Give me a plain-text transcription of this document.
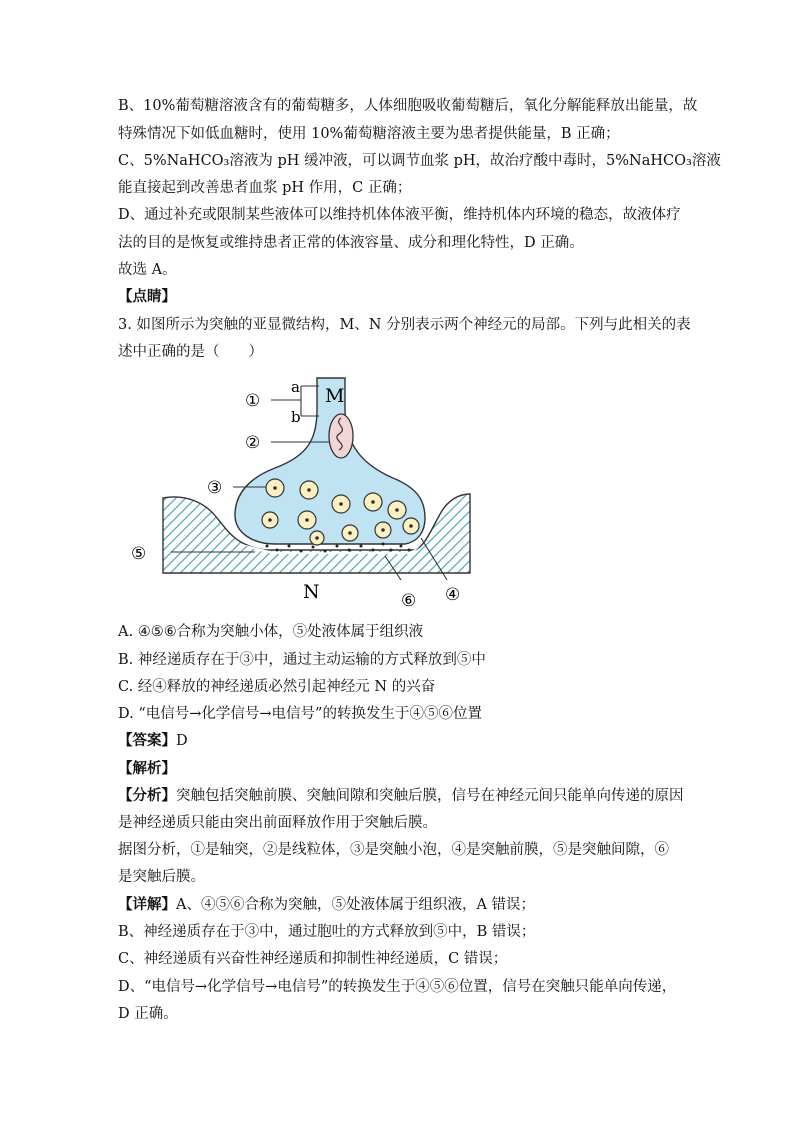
B、10%葡萄糖溶液含有的葡萄糖多，人体细胞吸收葡萄糖后，氧化分解能释放出能量，故
特殊情况下如低血糖时，使用 10%葡萄糖溶液主要为患者提供能量，B 正确；
C、5%NaHCO₃溶液为 pH 缓冲液，可以调节血浆 pH，故治疗酸中毒时，5%NaHCO₃溶液
能直接起到改善患者血浆 pH 作用，C 正确；
D、通过补充或限制某些液体可以维持机体体液平衡，维持机体内环境的稳态，故液体疗
法的目的是恢复或维持患者正常的体液容量、成分和理化特性，D 正确。
故选 A。
【点睛】
3. 如图所示为突触的亚显微结构，M、N 分别表示两个神经元的局部。下列与此相关的表
述中正确的是（　　）
①
a
b
M
②
③
⑤
N	⑥ ④
A. ④⑤⑥合称为突触小体，⑤处液体属于组织液
B. 神经递质存在于③中，通过主动运输的方式释放到⑤中
C. 经④释放的神经递质必然引起神经元 N 的兴奋
D. “电信号→化学信号→电信号”的转换发生于④⑤⑥位置
【答案】D
【解析】
【分析】突触包括突触前膜、突触间隙和突触后膜，信号在神经元间只能单向传递的原因
是神经递质只能由突出前面释放作用于突触后膜。
据图分析，①是轴突，②是线粒体，③是突触小泡，④是突触前膜，⑤是突触间隙，⑥
是突触后膜。
【详解】A、④⑤⑥合称为突触，⑤处液体属于组织液，A 错误；
B、神经递质存在于③中，通过胞吐的方式释放到⑤中，B 错误；
C、神经递质有兴奋性神经递质和抑制性神经递质，C 错误；
D、“电信号→化学信号→电信号”的转换发生于④⑤⑥位置，信号在突触只能单向传递，
D 正确。
